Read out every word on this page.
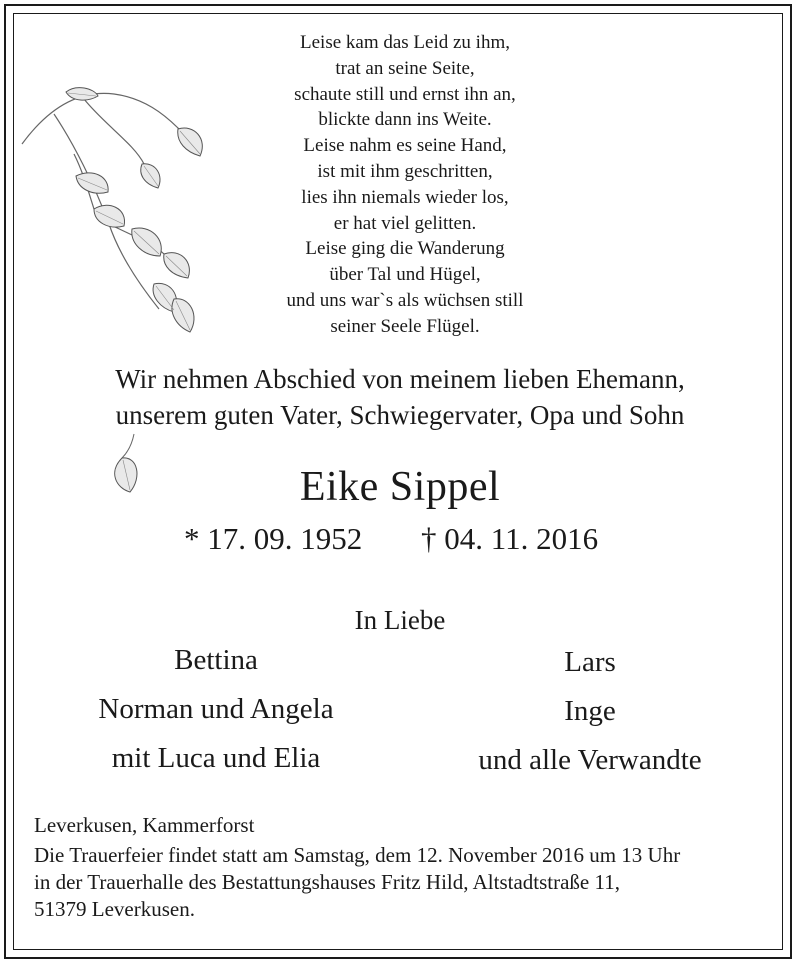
Leise kam das Leid zu ihm,
trat an seine Seite,
schaute still und ernst ihn an,
blickte dann ins Weite.
Leise nahm es seine Hand,
ist mit ihm geschritten,
lies ihn niemals wieder los,
er hat viel gelitten.
Leise ging die Wanderung
über Tal und Hügel,
und uns war`s als wüchsen still
seiner Seele Flügel.
Wir nehmen Abschied von meinem lieben Ehemann,
unserem guten Vater, Schwiegervater, Opa und Sohn
Eike Sippel
* 17. 09. 1952 † 04. 11. 2016
In Liebe
Bettina
Norman und Angela
mit Luca und Elia
Lars
Inge
und alle Verwandte
Leverkusen, Kammerforst
Die Trauerfeier findet statt am Samstag, dem 12. November 2016 um 13 Uhr
in der Trauerhalle des Bestattungshauses Fritz Hild, Altstadtstraße 11,
51379 Leverkusen.
